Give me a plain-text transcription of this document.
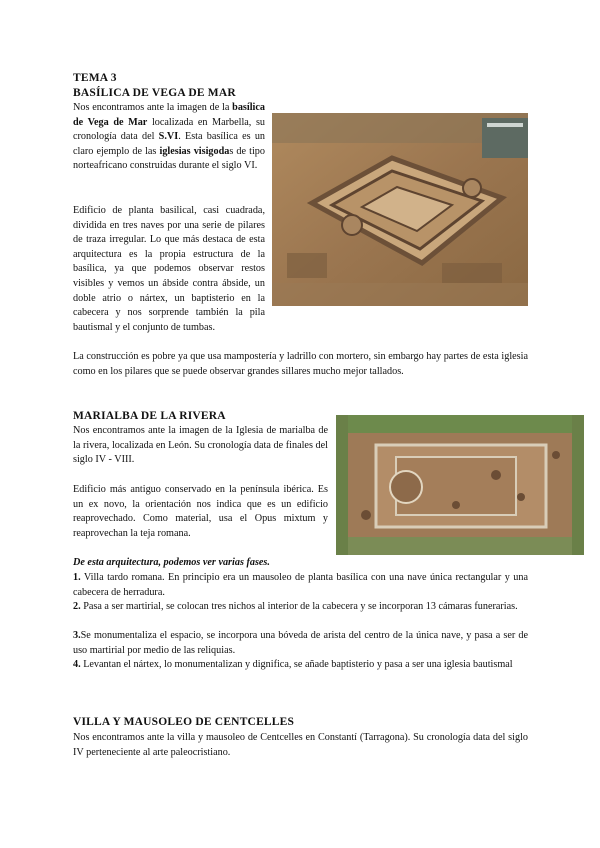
TEMA 3
BASÍLICA DE VEGA DE MAR
Nos encontramos ante la imagen de la basílica de Vega de Mar localizada en Marbella, su cronología data del S.VI. Esta basílica es un claro ejemplo de las iglesias visigodas de tipo norteafricano construidas durante el siglo VI.
Edificio de planta basilical, casi cuadrada, dividida en tres naves por una serie de pilares de traza irregular. Lo que más destaca de esta arquitectura es la propia estructura de la basílica, ya que podemos observar restos visibles y vemos un ábside contra ábside, un doble atrio o nártex, un baptisterio en la cabecera y nos sorprende también la pila bautismal y el conjunto de tumbas.
La construcción es pobre ya que usa mampostería y ladrillo con mortero, sin embargo hay partes de esta iglesia como en los pilares que se puede observar grandes sillares mucho mejor tallados.
MARIALBA DE LA RIVERA
Nos encontramos ante la imagen de la Iglesia de marialba de la rivera, localizada en León. Su cronología data de finales del siglo IV - VIII.
Edificio más antiguo conservado en la península ibérica. Es un ex novo, la orientación nos indica que es un edificio reaprovechado. Como material, usa el Opus mixtum y reaprovechan la teja romana.
De esta arquitectura, podemos ver varias fases.
1. Villa tardo romana. En principio era un mausoleo de planta basílica con una nave única rectangular y una cabecera de herradura.
2. Pasa a ser martirial, se colocan tres nichos al interior de la cabecera y se incorporan 13 cámaras funerarias.
3.Se monumentaliza el espacio, se incorpora una bóveda de arista del centro de la única nave, y pasa a ser de uso martirial por medio de las reliquias.
4. Levantan el nártex, lo monumentalizan y dignifica, se añade baptisterio y pasa a ser una iglesia bautismal
VILLA Y MAUSOLEO DE CENTCELLES
Nos encontramos ante la villa y mausoleo de Centcelles en Constantí (Tarragona). Su cronología data del siglo IV perteneciente al arte paleocristiano.
